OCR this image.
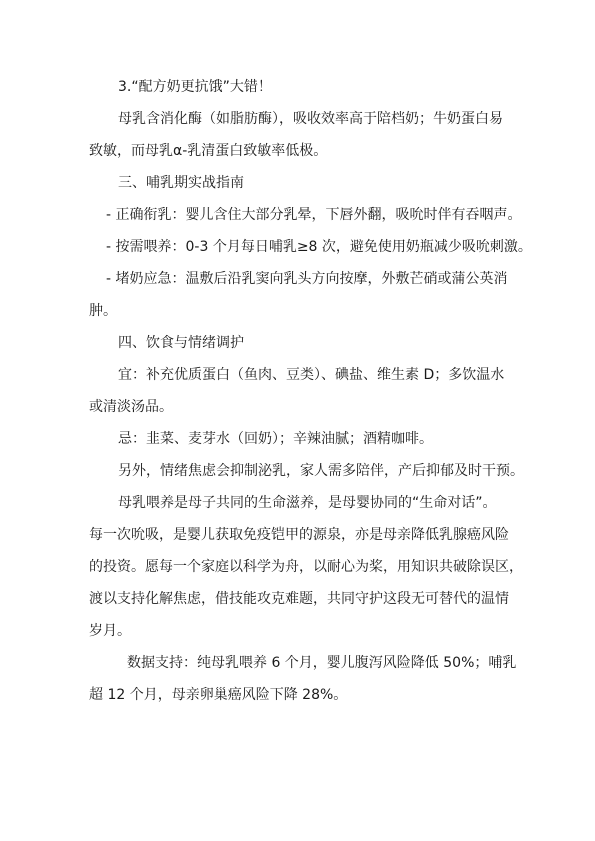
3.“配方奶更抗饿”大错！
母乳含消化酶（如脂肪酶），吸收效率高于陪档奶；牛奶蛋白易
致敏，而母乳α-乳清蛋白致敏率低极。
三、哺乳期实战指南
- 正确衔乳：婴儿含住大部分乳晕，下唇外翻，吸吮时伴有吞咽声。
- 按需喂养：0-3 个月每日哺乳≥8 次，避免使用奶瓶减少吸吮刺激。
- 堵奶应急：温敷后沿乳窦向乳头方向按摩，外敷芒硝或蒲公英消
肿。
四、饮食与情绪调护
宜：补充优质蛋白（鱼肉、豆类）、碘盐、维生素 D；多饮温水
或清淡汤品。
忌：韭菜、麦芽水（回奶）；辛辣油腻；酒精咖啡。
另外，情绪焦虑会抑制泌乳，家人需多陪伴，产后抑郁及时干预。
母乳喂养是母子共同的生命滋养，是母婴协同的“生命对话”。
每一次吮吸，是婴儿获取免疫铠甲的源泉，亦是母亲降低乳腺癌风险
的投资。愿每一个家庭以科学为舟，以耐心为桨，用知识共破除误区，
渡以支持化解焦虑，借技能攻克难题，共同守护这段无可替代的温情
岁月。
数据支持：纯母乳喂养 6 个月，婴儿腹泻风险降低 50%；哺乳
超 12 个月，母亲卵巢癌风险下降 28%。
